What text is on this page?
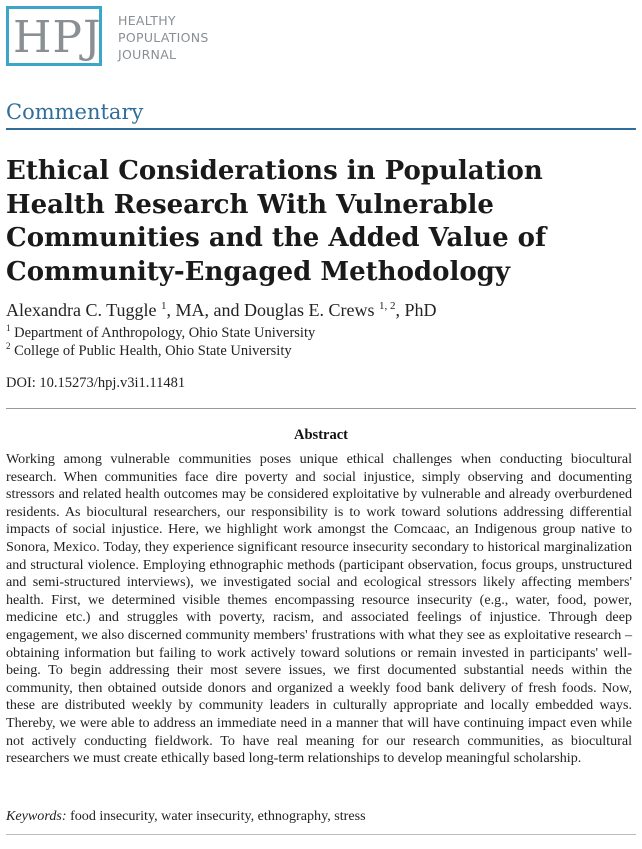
HPJ HEALTHY
POPULATIONS
JOURNAL
Commentary
Ethical Considerations in Population Health Research With Vulnerable Communities and the Added Value of Community-Engaged Methodology
Alexandra C. Tuggle $^1$, MA, and Douglas E. Crews $^{1, 2}$, PhD
$^1$ Department of Anthropology, Ohio State University
$^2$ College of Public Health, Ohio State University
DOI: 10.15273/hpj.v3i1.11481
Abstract

Working among vulnerable communities poses unique ethical challenges when conducting biocultural research. When communities face dire poverty and social injustice, simply observing and documenting stressors and related health outcomes may be considered exploitative by vulnerable and already overburdened residents. As biocultural researchers, our responsibility is to work toward solutions addressing differential impacts of social injustice. Here, we highlight work amongst the Comcaac, an Indigenous group native to Sonora, Mexico. Today, they experience significant resource insecurity secondary to historical marginalization and structural violence. Employing ethnographic methods (participant observation, focus groups, unstructured and semi-structured interviews), we investigated social and ecological stressors likely affecting members' health. First, we determined visible themes encompassing resource insecurity (e.g., water, food, power, medicine etc.) and struggles with poverty, racism, and associated feelings of injustice. Through deep engagement, we also discerned community members' frustrations with what they see as exploitative research – obtaining information but failing to work actively toward solutions or remain invested in participants' well-being. To begin addressing their most severe issues, we first documented substantial needs within the community, then obtained outside donors and organized a weekly food bank delivery of fresh foods. Now, these are distributed weekly by community leaders in culturally appropriate and locally embedded ways. Thereby, we were able to address an immediate need in a manner that will have continuing impact even while not actively conducting fieldwork. To have real meaning for our research communities, as biocultural researchers we must create ethically based long-term relationships to develop meaningful scholarship.

Keywords: food insecurity, water insecurity, ethnography, stress
